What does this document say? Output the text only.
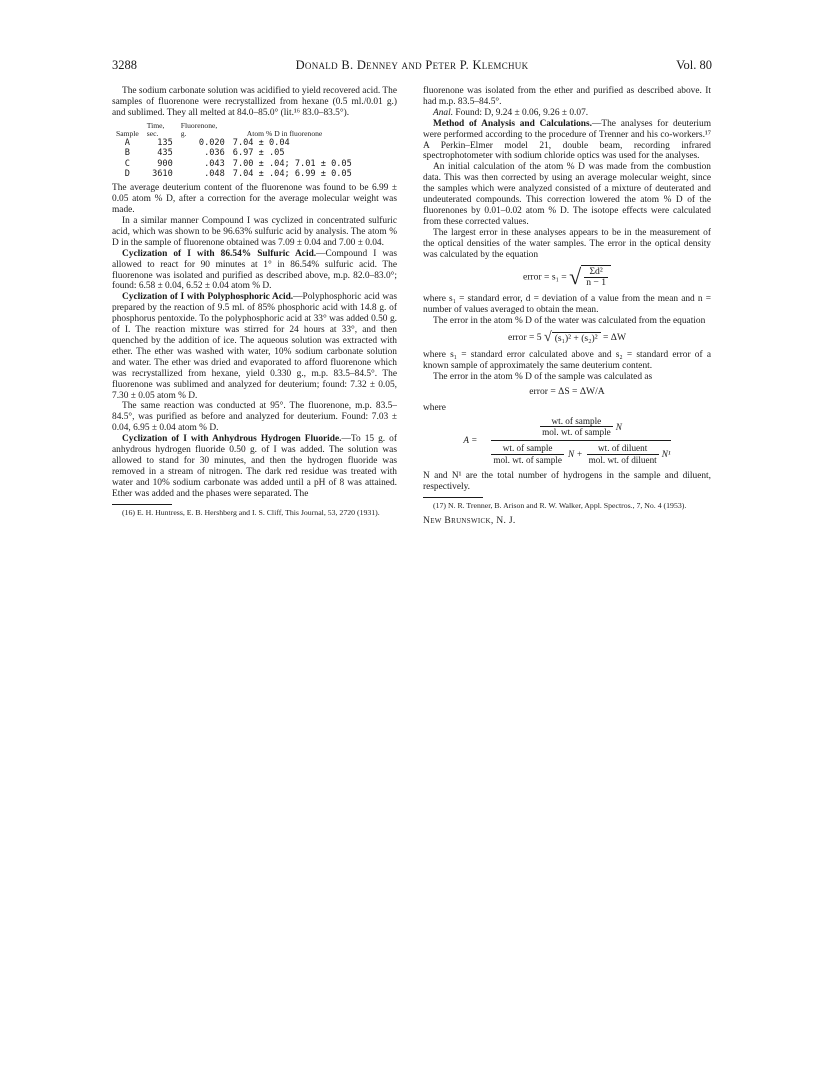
3288	Donald B. Denney and Peter P. Klemchuk	Vol. 80

The sodium carbonate solution was acidified to yield recovered acid. The samples of fluorenone were recrystallized from hexane (0.5 ml./0.01 g.) and sublimed. They all melted at 84.0–85.0° (lit.¹⁶ 83.0–83.5°).

Sample	Time, sec.	Fluorenone, g.	Atom % D in fluorenone
A	135	0.020	7.04 ± 0.04
B	435	.036	6.97 ± .05
C	900	.043	7.00 ± .04; 7.01 ± 0.05
D	3610	.048	7.04 ± .04; 6.99 ± 0.05

The average deuterium content of the fluorenone was found to be 6.99 ± 0.05 atom % D, after a correction for the average molecular weight was made.

In a similar manner Compound I was cyclized in concentrated sulfuric acid, which was shown to be 96.63% sulfuric acid by analysis. The atom % D in the sample of fluorenone obtained was 7.09 ± 0.04 and 7.00 ± 0.04.

Cyclization of I with 86.54% Sulfuric Acid.—Compound I was allowed to react for 90 minutes at 1° in 86.54% sulfuric acid. The fluorenone was isolated and purified as described above, m.p. 82.0–83.0°; found: 6.58 ± 0.04, 6.52 ± 0.04 atom % D.

Cyclization of I with Polyphosphoric Acid.—Polyphosphoric acid was prepared by the reaction of 9.5 ml. of 85% phosphoric acid with 14.8 g. of phosphorus pentoxide. To the polyphosphoric acid at 33° was added 0.50 g. of I. The reaction mixture was stirred for 24 hours at 33°, and then quenched by the addition of ice. The aqueous solution was extracted with ether. The ether was washed with water, 10% sodium carbonate solution and water. The ether was dried and evaporated to afford fluorenone which was recrystallized from hexane, yield 0.330 g., m.p. 83.5–84.5°. The fluorenone was sublimed and analyzed for deuterium; found: 7.32 ± 0.05, 7.30 ± 0.05 atom % D.

The same reaction was conducted at 95°. The fluorenone, m.p. 83.5–84.5°, was purified as before and analyzed for deuterium. Found: 7.03 ± 0.04, 6.95 ± 0.04 atom % D.

Cyclization of I with Anhydrous Hydrogen Fluoride.—To 15 g. of anhydrous hydrogen fluoride 0.50 g. of I was added. The solution was allowed to stand for 30 minutes, and then the hydrogen fluoride was removed in a stream of nitrogen. The dark red residue was treated with water and 10% sodium carbonate was added until a pH of 8 was attained. Ether was added and the phases were separated. The

(16) E. H. Huntress, E. B. Hershberg and I. S. Cliff, This Journal, 53, 2720 (1931).

fluorenone was isolated from the ether and purified as described above. It had m.p. 83.5–84.5°.

Anal. Found: D, 9.24 ± 0.06, 9.26 ± 0.07.

Method of Analysis and Calculations.—The analyses for deuterium were performed according to the procedure of Trenner and his co-workers.¹⁷ A Perkin–Elmer model 21, double beam, recording infrared spectrophotometer with sodium chloride optics was used for the analyses.

An initial calculation of the atom % D was made from the combustion data. This was then corrected by using an average molecular weight, since the samples which were analyzed consisted of a mixture of deuterated and undeuterated compounds. This correction lowered the atom % D of the fluorenones by 0.01–0.02 atom % D. The isotope effects were calculated from these corrected values.

The largest error in these analyses appears to be in the measurement of the optical densities of the water samples. The error in the optical density was calculated by the equation

error = s₁ = √ $\frac{\text{Σd²}}{n - 1}$

where s₁ = standard error, d = deviation of a value from the mean and n = number of values averaged to obtain the mean.

The error in the atom % D of the water was calculated from the equation

error = 5 √ (s₁)² + (s₂)² = ΔW

where s₁ = standard error calculated above and s₂ = standard error of a known sample of approximately the same deuterium content.

The error in the atom % D of the sample was calculated as

error = ΔS = ΔW/A

where

A =
$\frac{\text{wt. of sample}}{\text{mol. wt. of sample}}$ N
$\frac{\text{wt. of sample}}{\text{mol. wt. of sample}}$ $N + \frac{\text{wt. of diluent}}{\text{mol. wt. of diluent}} N^1$

N and N¹ are the total number of hydrogens in the sample and diluent, respectively.

(17) N. R. Trenner, B. Arison and R. W. Walker, Appl. Spectros., 7, No. 4 (1953).
New Brunswick, N. J.
